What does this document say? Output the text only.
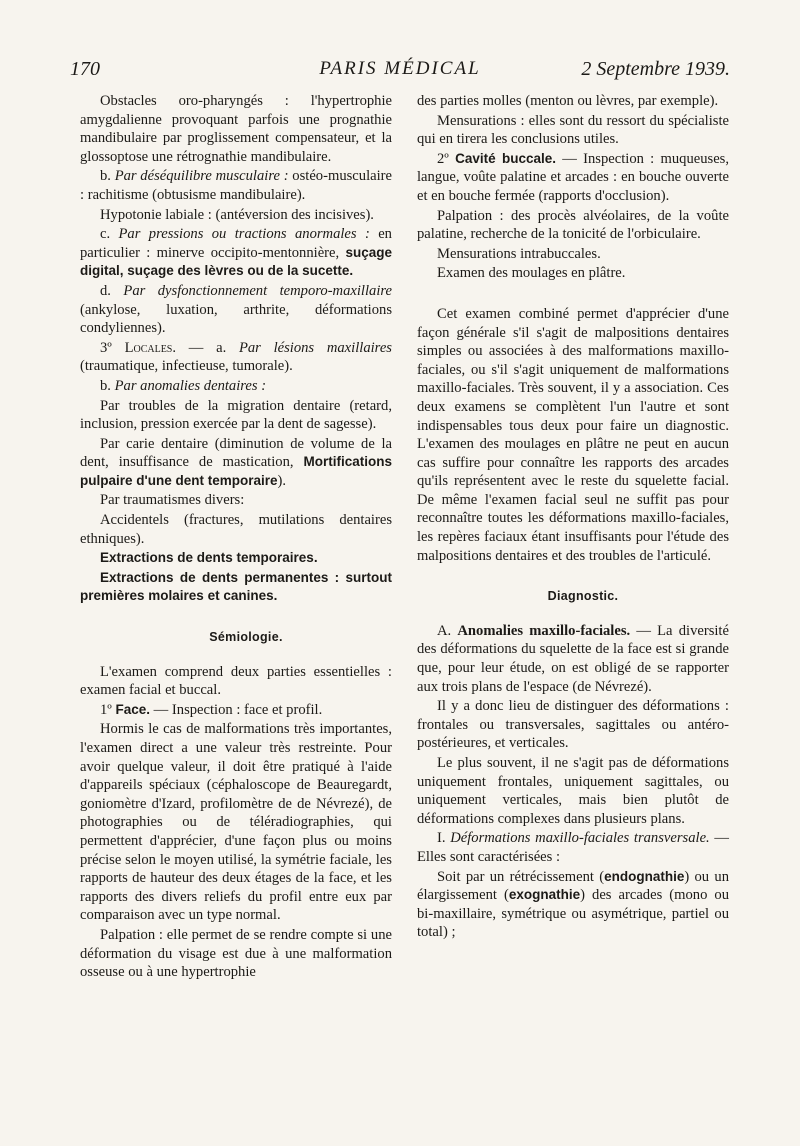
170	PARIS MÉDICAL	2 Septembre 1939.

Obstacles oro-pharyngés : l'hypertrophie amygdalienne provoquant parfois une prognathie mandibulaire par proglissement compensateur, et la glossoptose une rétrognathie mandibulaire.

b. Par déséquilibre musculaire : ostéo-musculaire : rachitisme (obtusisme mandibulaire).

Hypotonie labiale : (antéversion des incisives).

c. Par pressions ou tractions anormales : en particulier : minerve occipito-mentonnière, suçage digital, suçage des lèvres ou de la sucette.

d. Par dysfonctionnement temporo-maxillaire (ankylose, luxation, arthrite, déformations condyliennes).

3º Locales. — a. Par lésions maxillaires (traumatique, infectieuse, tumorale).

b. Par anomalies dentaires :

Par troubles de la migration dentaire (retard, inclusion, pression exercée par la dent de sagesse).

Par carie dentaire (diminution de volume de la dent, insuffisance de mastication, Mortifications pulpaire d'une dent temporaire).

Par traumatismes divers:

Accidentels (fractures, mutilations dentaires ethniques).

Extractions de dents temporaires.

Extractions de dents permanentes : surtout premières molaires et canines.

Sémiologie.

L'examen comprend deux parties essentielles : examen facial et buccal.

1º Face. — Inspection : face et profil.

Hormis le cas de malformations très importantes, l'examen direct a une valeur très restreinte. Pour avoir quelque valeur, il doit être pratiqué à l'aide d'appareils spéciaux (céphaloscope de Beauregardt, goniomètre d'Izard, profilomètre de de Névrezé), de photographies ou de téléradiographies, qui permettent d'apprécier, d'une façon plus ou moins précise selon le moyen utilisé, la symétrie faciale, les rapports de hauteur des deux étages de la face, et les rapports des divers reliefs du profil entre eux par comparaison avec un type normal.

Palpation : elle permet de se rendre compte si une déformation du visage est due à une malformation osseuse ou à une hypertrophie

des parties molles (menton ou lèvres, par exemple).

Mensurations : elles sont du ressort du spécialiste qui en tirera les conclusions utiles.

2º Cavité buccale. — Inspection : muqueuses, langue, voûte palatine et arcades : en bouche ouverte et en bouche fermée (rapports d'occlusion).

Palpation : des procès alvéolaires, de la voûte palatine, recherche de la tonicité de l'orbiculaire.

Mensurations intrabuccales.

Examen des moulages en plâtre.

Cet examen combiné permet d'apprécier d'une façon générale s'il s'agit de malpositions dentaires simples ou associées à des malformations maxillo-faciales, ou s'il s'agit uniquement de malformations maxillo-faciales. Très souvent, il y a association. Ces deux examens se complètent l'un l'autre et sont indispensables tous deux pour faire un diagnostic. L'examen des moulages en plâtre ne peut en aucun cas suffire pour connaître les rapports des arcades qu'ils représentent avec le reste du squelette facial. De même l'examen facial seul ne suffit pas pour reconnaître toutes les déformations maxillo-faciales, les repères faciaux étant insuffisants pour l'étude des malpositions dentaires et des troubles de l'articulé.

Diagnostic.

A. Anomalies maxillo-faciales. — La diversité des déformations du squelette de la face est si grande que, pour leur étude, on est obligé de se rapporter aux trois plans de l'espace (de Névrezé).

Il y a donc lieu de distinguer des déformations : frontales ou transversales, sagittales ou antéro-postérieures, et verticales.

Le plus souvent, il ne s'agit pas de déformations uniquement frontales, uniquement sagittales, ou uniquement verticales, mais bien plutôt de déformations complexes dans plusieurs plans.

I. Déformations maxillo-faciales transversale. — Elles sont caractérisées :

Soit par un rétrécissement (endognathie) ou un élargissement (exognathie) des arcades (mono ou bi-maxillaire, symétrique ou asymétrique, partiel ou total) ;
